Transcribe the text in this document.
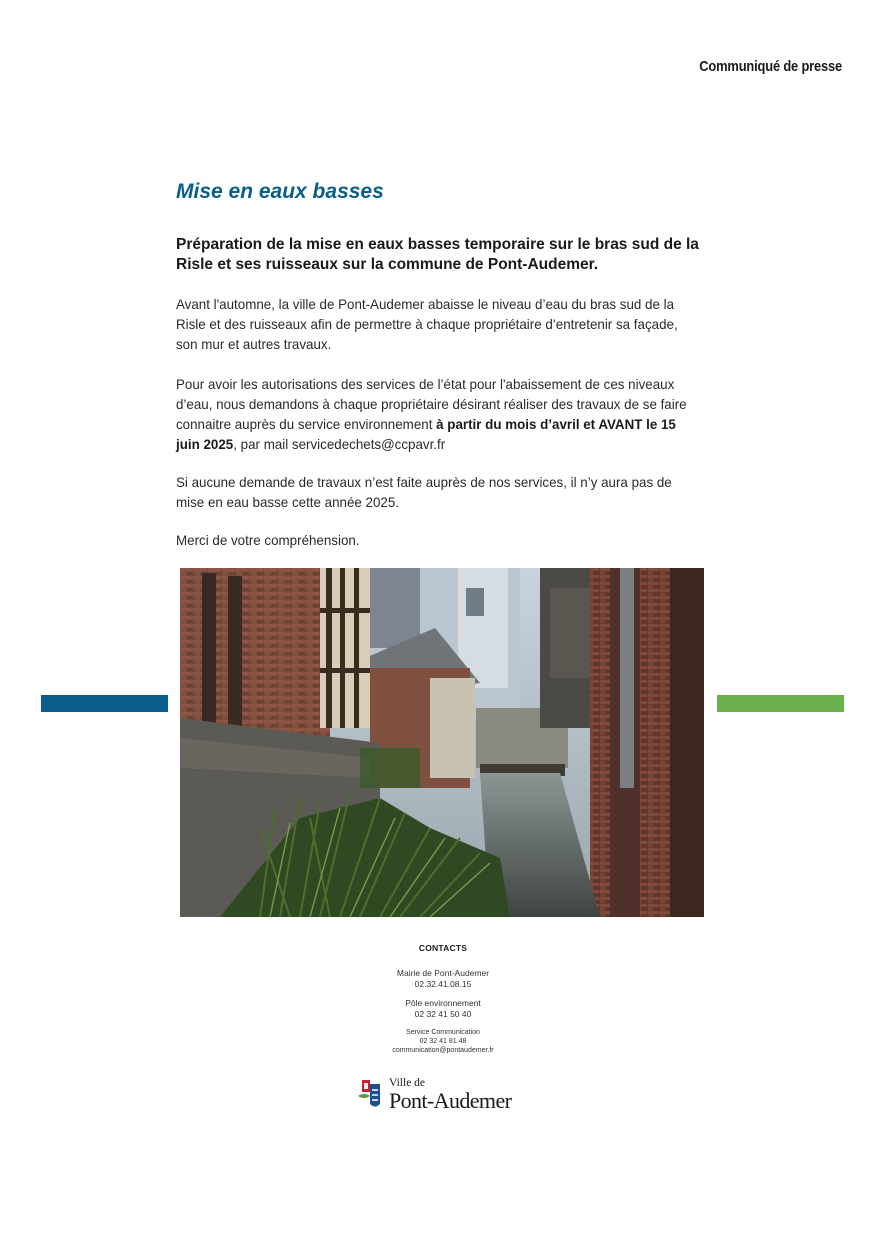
Communiqué de presse
Mise en eaux basses
Préparation de la mise en eaux basses temporaire sur le bras sud de la Risle et ses ruisseaux sur la commune de Pont-Audemer.
Avant l'automne, la ville de Pont-Audemer abaisse le niveau d’eau du bras sud de la Risle et des ruisseaux afin de permettre à chaque propriétaire d’entretenir sa façade, son mur et autres travaux.
Pour avoir les autorisations des services de l’état pour l'abaissement de ces niveaux d’eau, nous demandons à chaque propriétaire désirant réaliser des travaux de se faire connaitre auprès du service environnement à partir du mois d’avril et AVANT le 15 juin 2025, par mail servicedechets@ccpavr.fr
Si aucune demande de travaux n’est faite auprès de nos services, il n’y aura pas de mise en eau basse cette année 2025.
Merci de votre compréhension.
CONTACTS
Mairie de Pont-Audemer
02.32.41.08.15
Pôle environnement
02 32 41 50 40
Service Communication
02 32 41 81.48
communication@pontaudemer.fr
Ville de
Pont-Audemer
